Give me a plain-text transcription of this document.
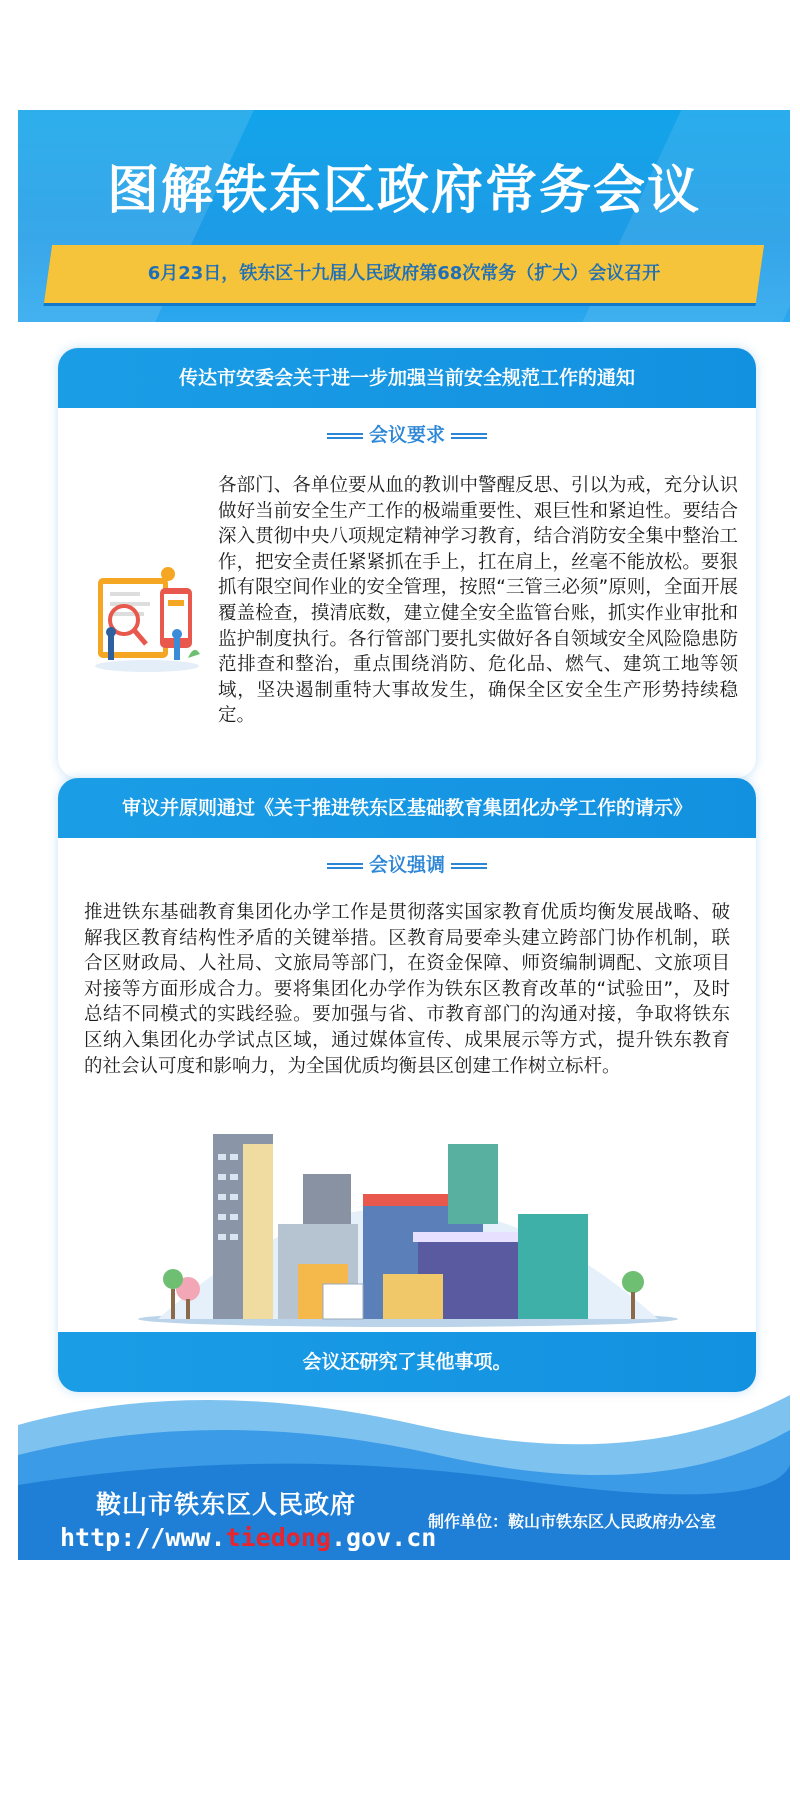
图解铁东区政府常务会议
6月23日，铁东区十九届人民政府第68次常务（扩大）会议召开
传达市安委会关于进一步加强当前安全规范工作的通知
会议要求
各部门、各单位要从血的教训中警醒反思、引以为戒，充分认识做好当前安全生产工作的极端重要性、艰巨性和紧迫性。要结合深入贯彻中央八项规定精神学习教育，结合消防安全集中整治工作，把安全责任紧紧抓在手上，扛在肩上，丝毫不能放松。要狠抓有限空间作业的安全管理，按照“三管三必须”原则，全面开展覆盖检查，摸清底数，建立健全安全监管台账，抓实作业审批和监护制度执行。各行管部门要扎实做好各自领域安全风险隐患防范排查和整治，重点围绕消防、危化品、燃气、建筑工地等领域，坚决遏制重特大事故发生，确保全区安全生产形势持续稳定。
审议并原则通过《关于推进铁东区基础教育集团化办学工作的请示》
会议强调
推进铁东基础教育集团化办学工作是贯彻落实国家教育优质均衡发展战略、破解我区教育结构性矛盾的关键举措。区教育局要牵头建立跨部门协作机制，联合区财政局、人社局、文旅局等部门，在资金保障、师资编制调配、文旅项目对接等方面形成合力。要将集团化办学作为铁东区教育改革的“试验田”，及时总结不同模式的实践经验。要加强与省、市教育部门的沟通对接，争取将铁东区纳入集团化办学试点区域，通过媒体宣传、成果展示等方式，提升铁东教育的社会认可度和影响力，为全国优质均衡县区创建工作树立标杆。
会议还研究了其他事项。
鞍山市铁东区人民政府
http://www.tiedong.gov.cn
制作单位：鞍山市铁东区人民政府办公室
